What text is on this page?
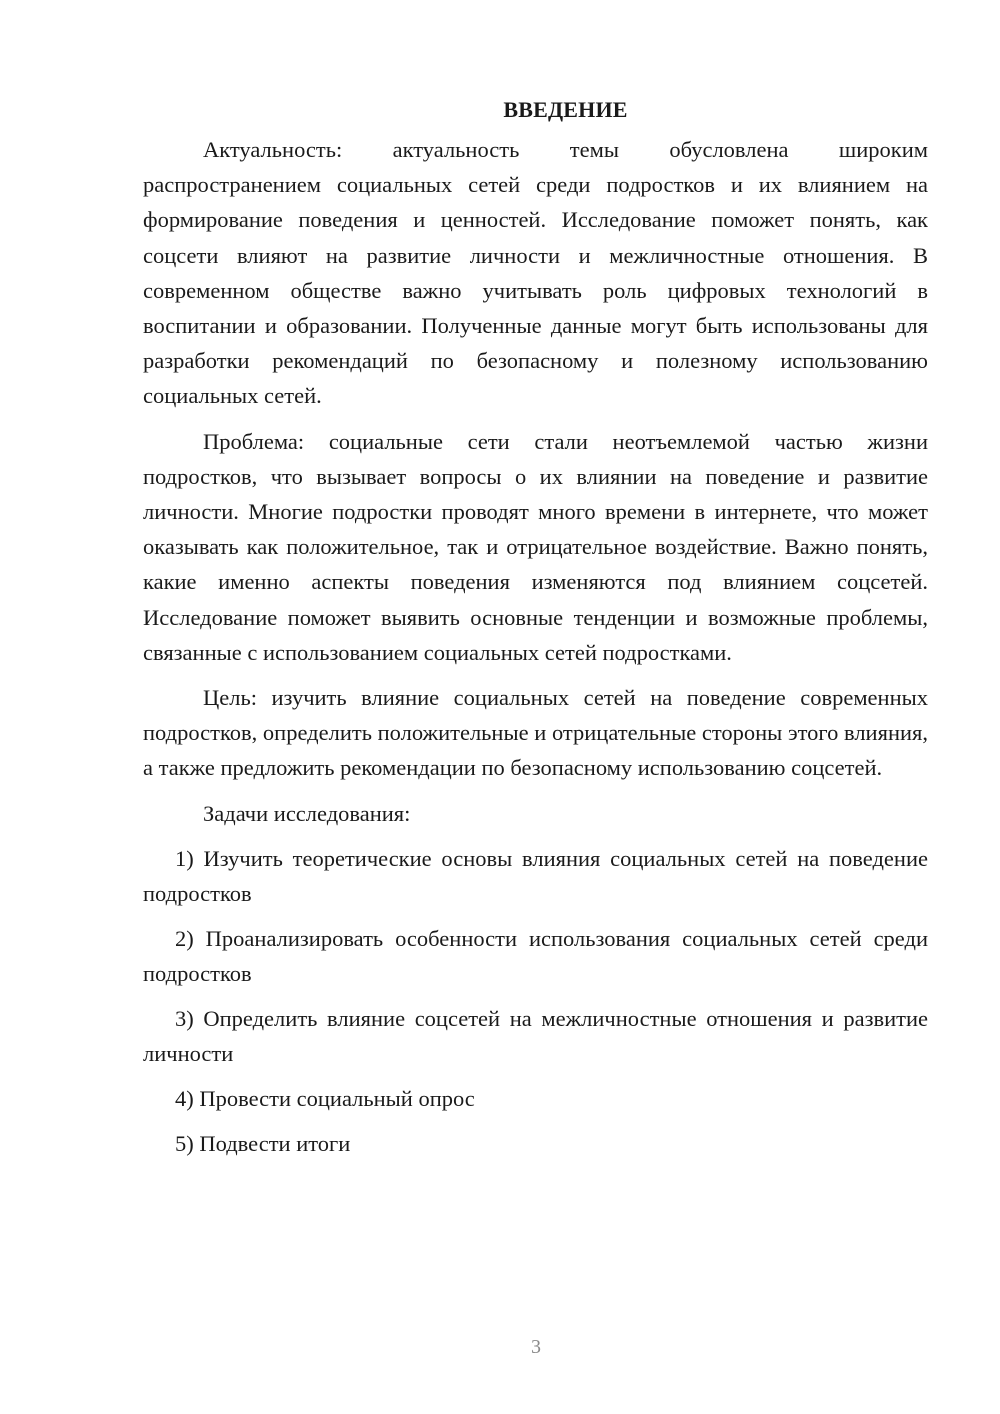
ВВЕДЕНИЕ

Актуальность: актуальность темы обусловлена широким распространением социальных сетей среди подростков и их влиянием на формирование поведения и ценностей. Исследование поможет понять, как соцсети влияют на развитие личности и межличностные отношения. В современном обществе важно учитывать роль цифровых технологий в воспитании и образовании. Полученные данные могут быть использованы для разработки рекомендаций по безопасному и полезному использованию социальных сетей.

Проблема: социальные сети стали неотъемлемой частью жизни подростков, что вызывает вопросы о их влиянии на поведение и развитие личности. Многие подростки проводят много времени в интернете, что может оказывать как положительное, так и отрицательное воздействие. Важно понять, какие именно аспекты поведения изменяются под влиянием соцсетей. Исследование поможет выявить основные тенденции и возможные проблемы, связанные с использованием социальных сетей подростками.

Цель: изучить влияние социальных сетей на поведение современных подростков, определить положительные и отрицательные стороны этого влияния, а также предложить рекомендации по безопасному использованию соцсетей.

Задачи исследования:

1) Изучить теоретические основы влияния социальных сетей на поведение подростков

2) Проанализировать особенности использования социальных сетей среди подростков

3) Определить влияние соцсетей на межличностные отношения и развитие личности

4) Провести социальный опрос

5) Подвести итоги

3
